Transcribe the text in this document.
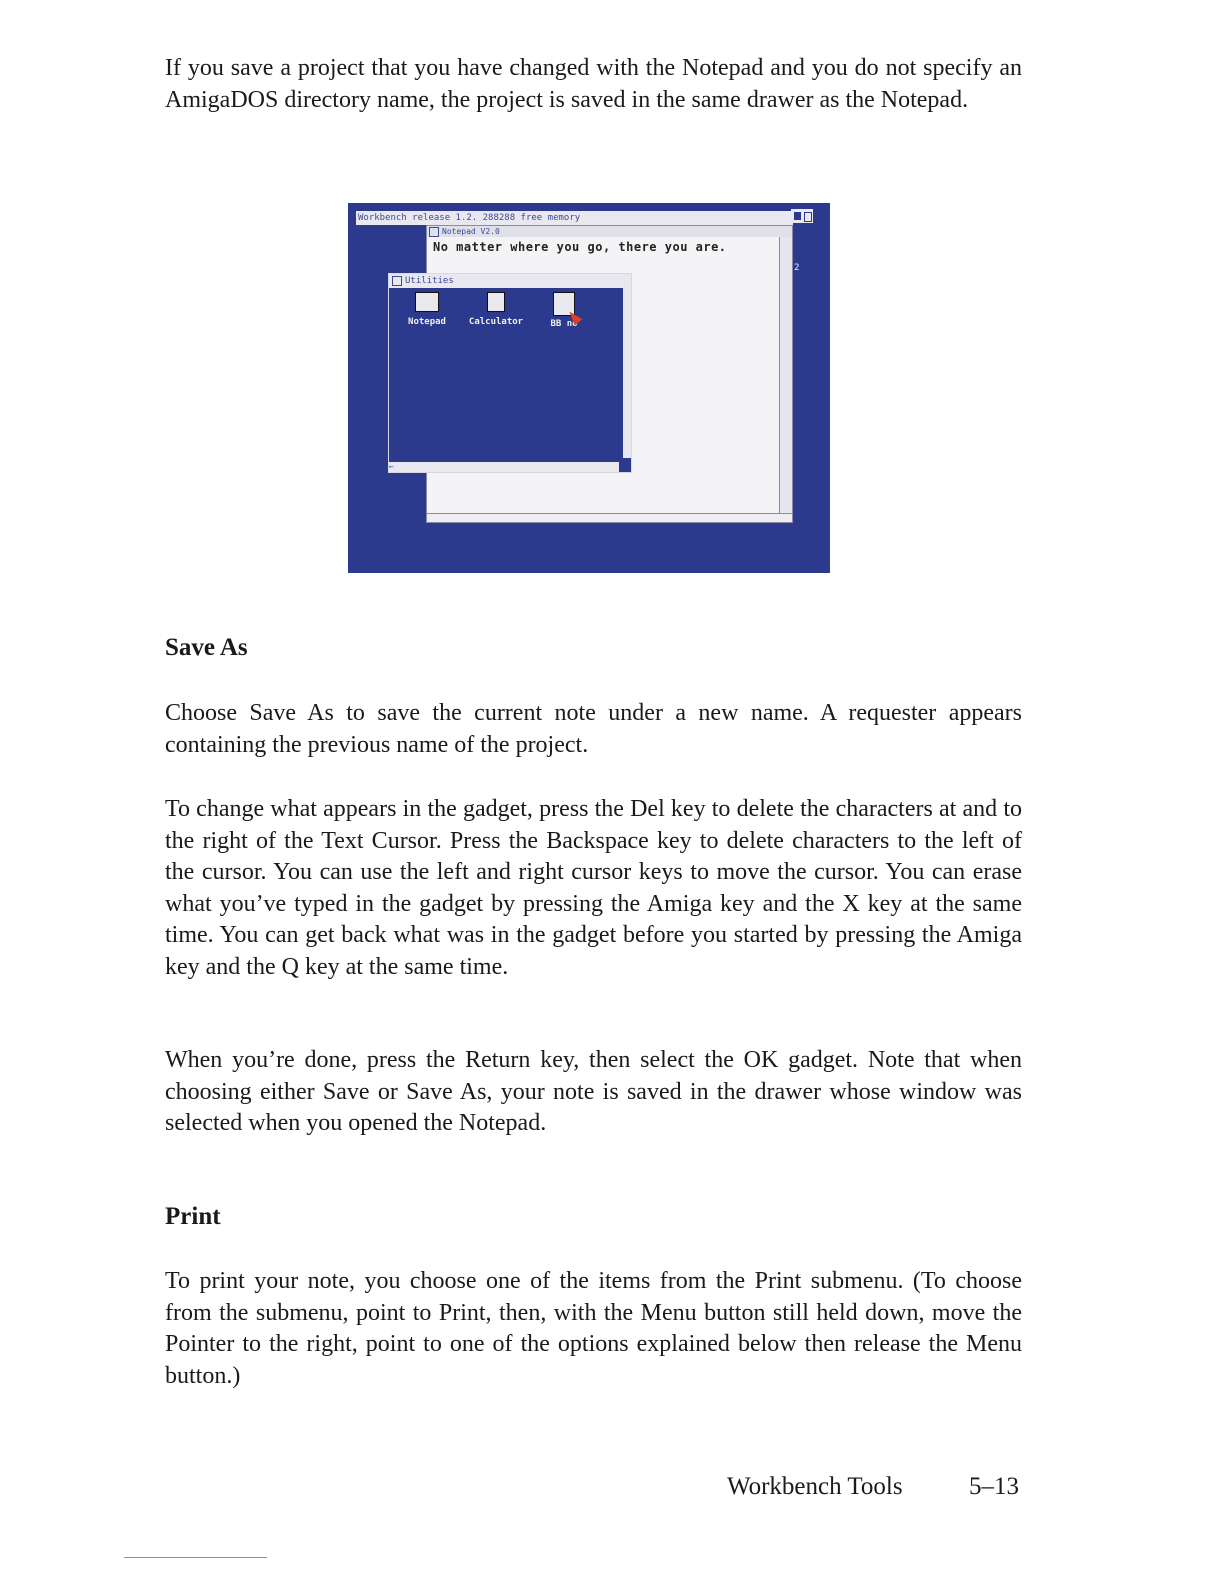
If you save a project that you have changed with the Notepad and you do not specify an AmigaDOS directory name, the project is saved in the same drawer as the Notepad.

Workbench release 1.2. 288288 free memory
Notepad V2.0
No matter where you go, there you are.
2
Utilities
←
Notepad	Calculator	BB no
Save As

Choose Save As to save the current note under a new name. A requester appears containing the previous name of the project.

To change what appears in the gadget, press the Del key to delete the characters at and to the right of the Text Cursor. Press the Backspace key to delete characters to the left of the cursor. You can use the left and right cursor keys to move the cursor. You can erase what you’ve typed in the gadget by pressing the Amiga key and the X key at the same time. You can get back what was in the gadget before you started by pressing the Amiga key and the Q key at the same time.

When you’re done, press the Return key, then select the OK gadget. Note that when choosing either Save or Save As, your note is saved in the drawer whose window was selected when you opened the Notepad.

Print

To print your note, you choose one of the items from the Print submenu. (To choose from the submenu, point to Print, then, with the Menu button still held down, move the Pointer to the right, point to one of the options explained below then release the Menu button.)

Workbench Tools	5–13
